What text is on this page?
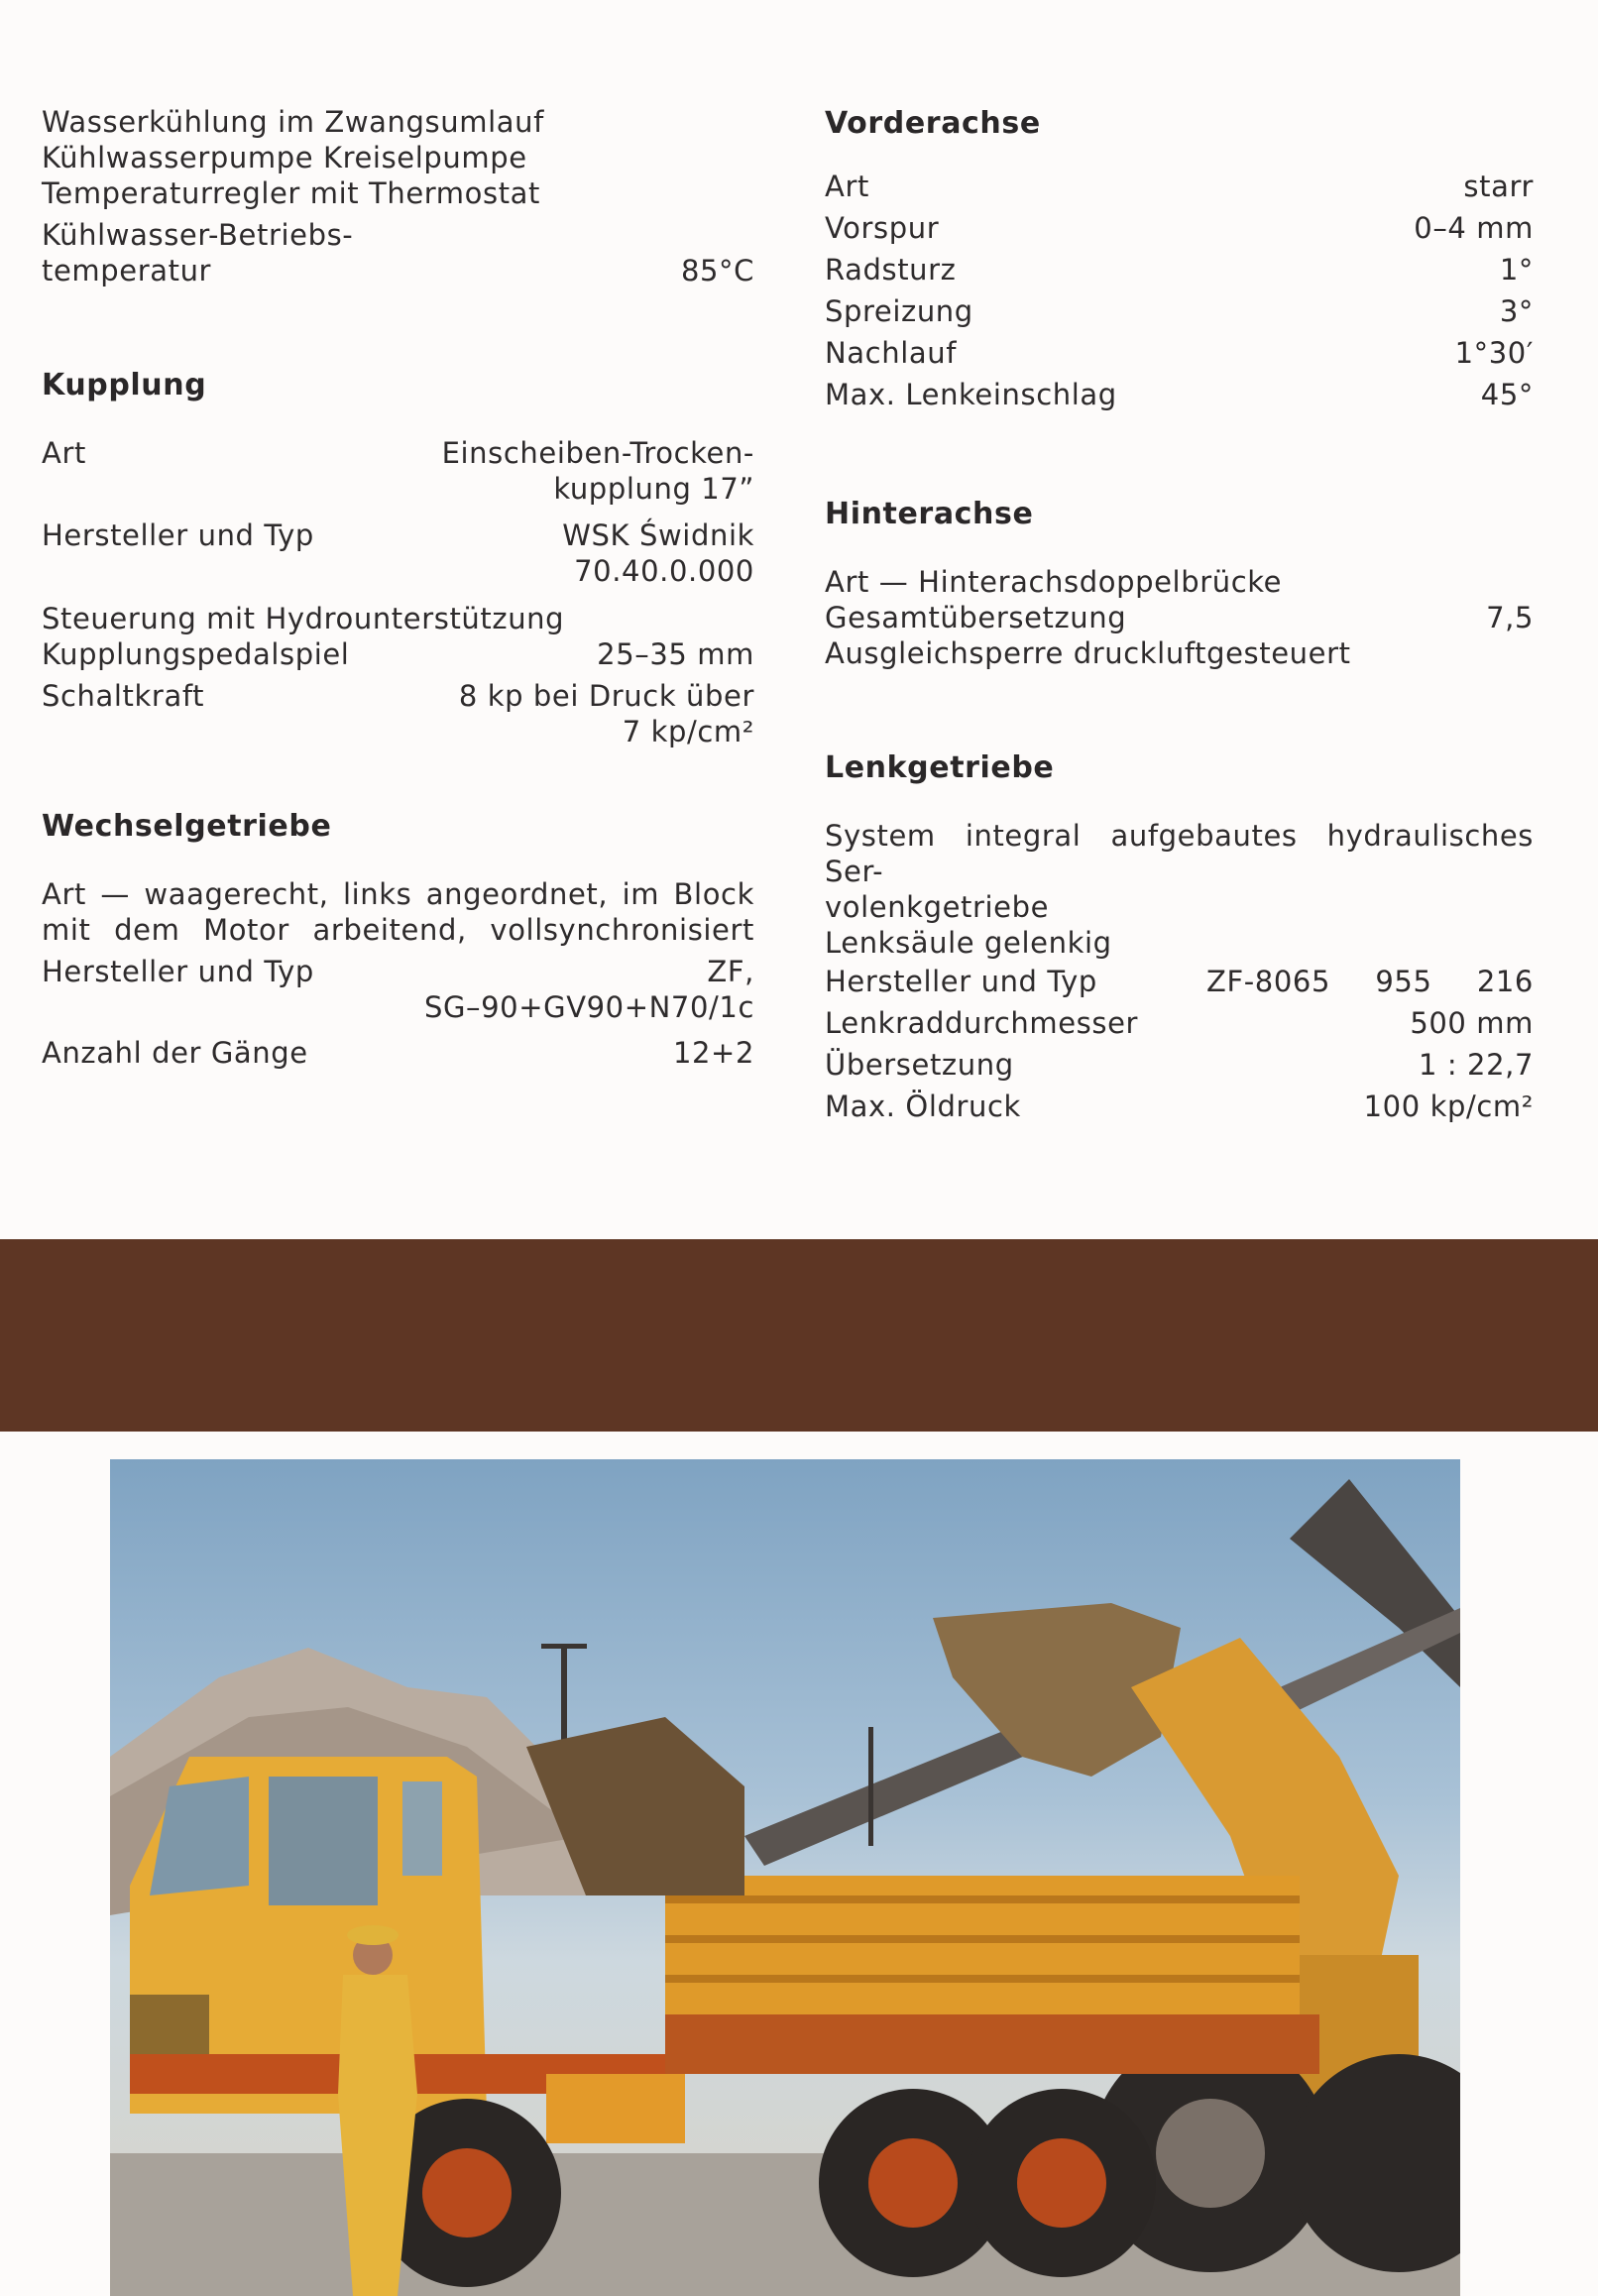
Wasserkühlung im Zwangsumlauf
Kühlwasserpumpe Kreiselpumpe
Temperaturregler mit Thermostat
Kühlwasser-Betriebs-
temperatur	85°C
Kupplung
Art	Einscheiben-Trocken-
kupplung 17”
Hersteller und Typ	WSK Świdnik
70.40.0.000
Steuerung mit Hydrounterstützung
Kupplungspedalspiel	25–35 mm
Schaltkraft	8 kp bei Druck über
7 kp/cm²
Wechselgetriebe
Art — waagerecht, links angeordnet, im Block
mit dem Motor arbeitend, vollsynchronisiert
Hersteller und Typ	ZF,
SG–90+GV90+N70/1c
Anzahl der Gänge	12+2
Vorderachse
Art	starr
Vorspur	0–4 mm
Radsturz	1°
Spreizung	3°
Nachlauf	1°30′
Max. Lenkeinschlag	45°
Hinterachse
Art — Hinterachsdoppelbrücke
Gesamtübersetzung	7,5
Ausgleichsperre druckluftgesteuert
Lenkgetriebe
System integral aufgebautes hydraulisches Ser-
volenkgetriebe
Lenksäule gelenkig
Hersteller und Typ	ZF-8065 955 216
Lenkraddurchmesser	500 mm
Übersetzung	1 : 22,7
Max. Öldruck	100 kp/cm²
